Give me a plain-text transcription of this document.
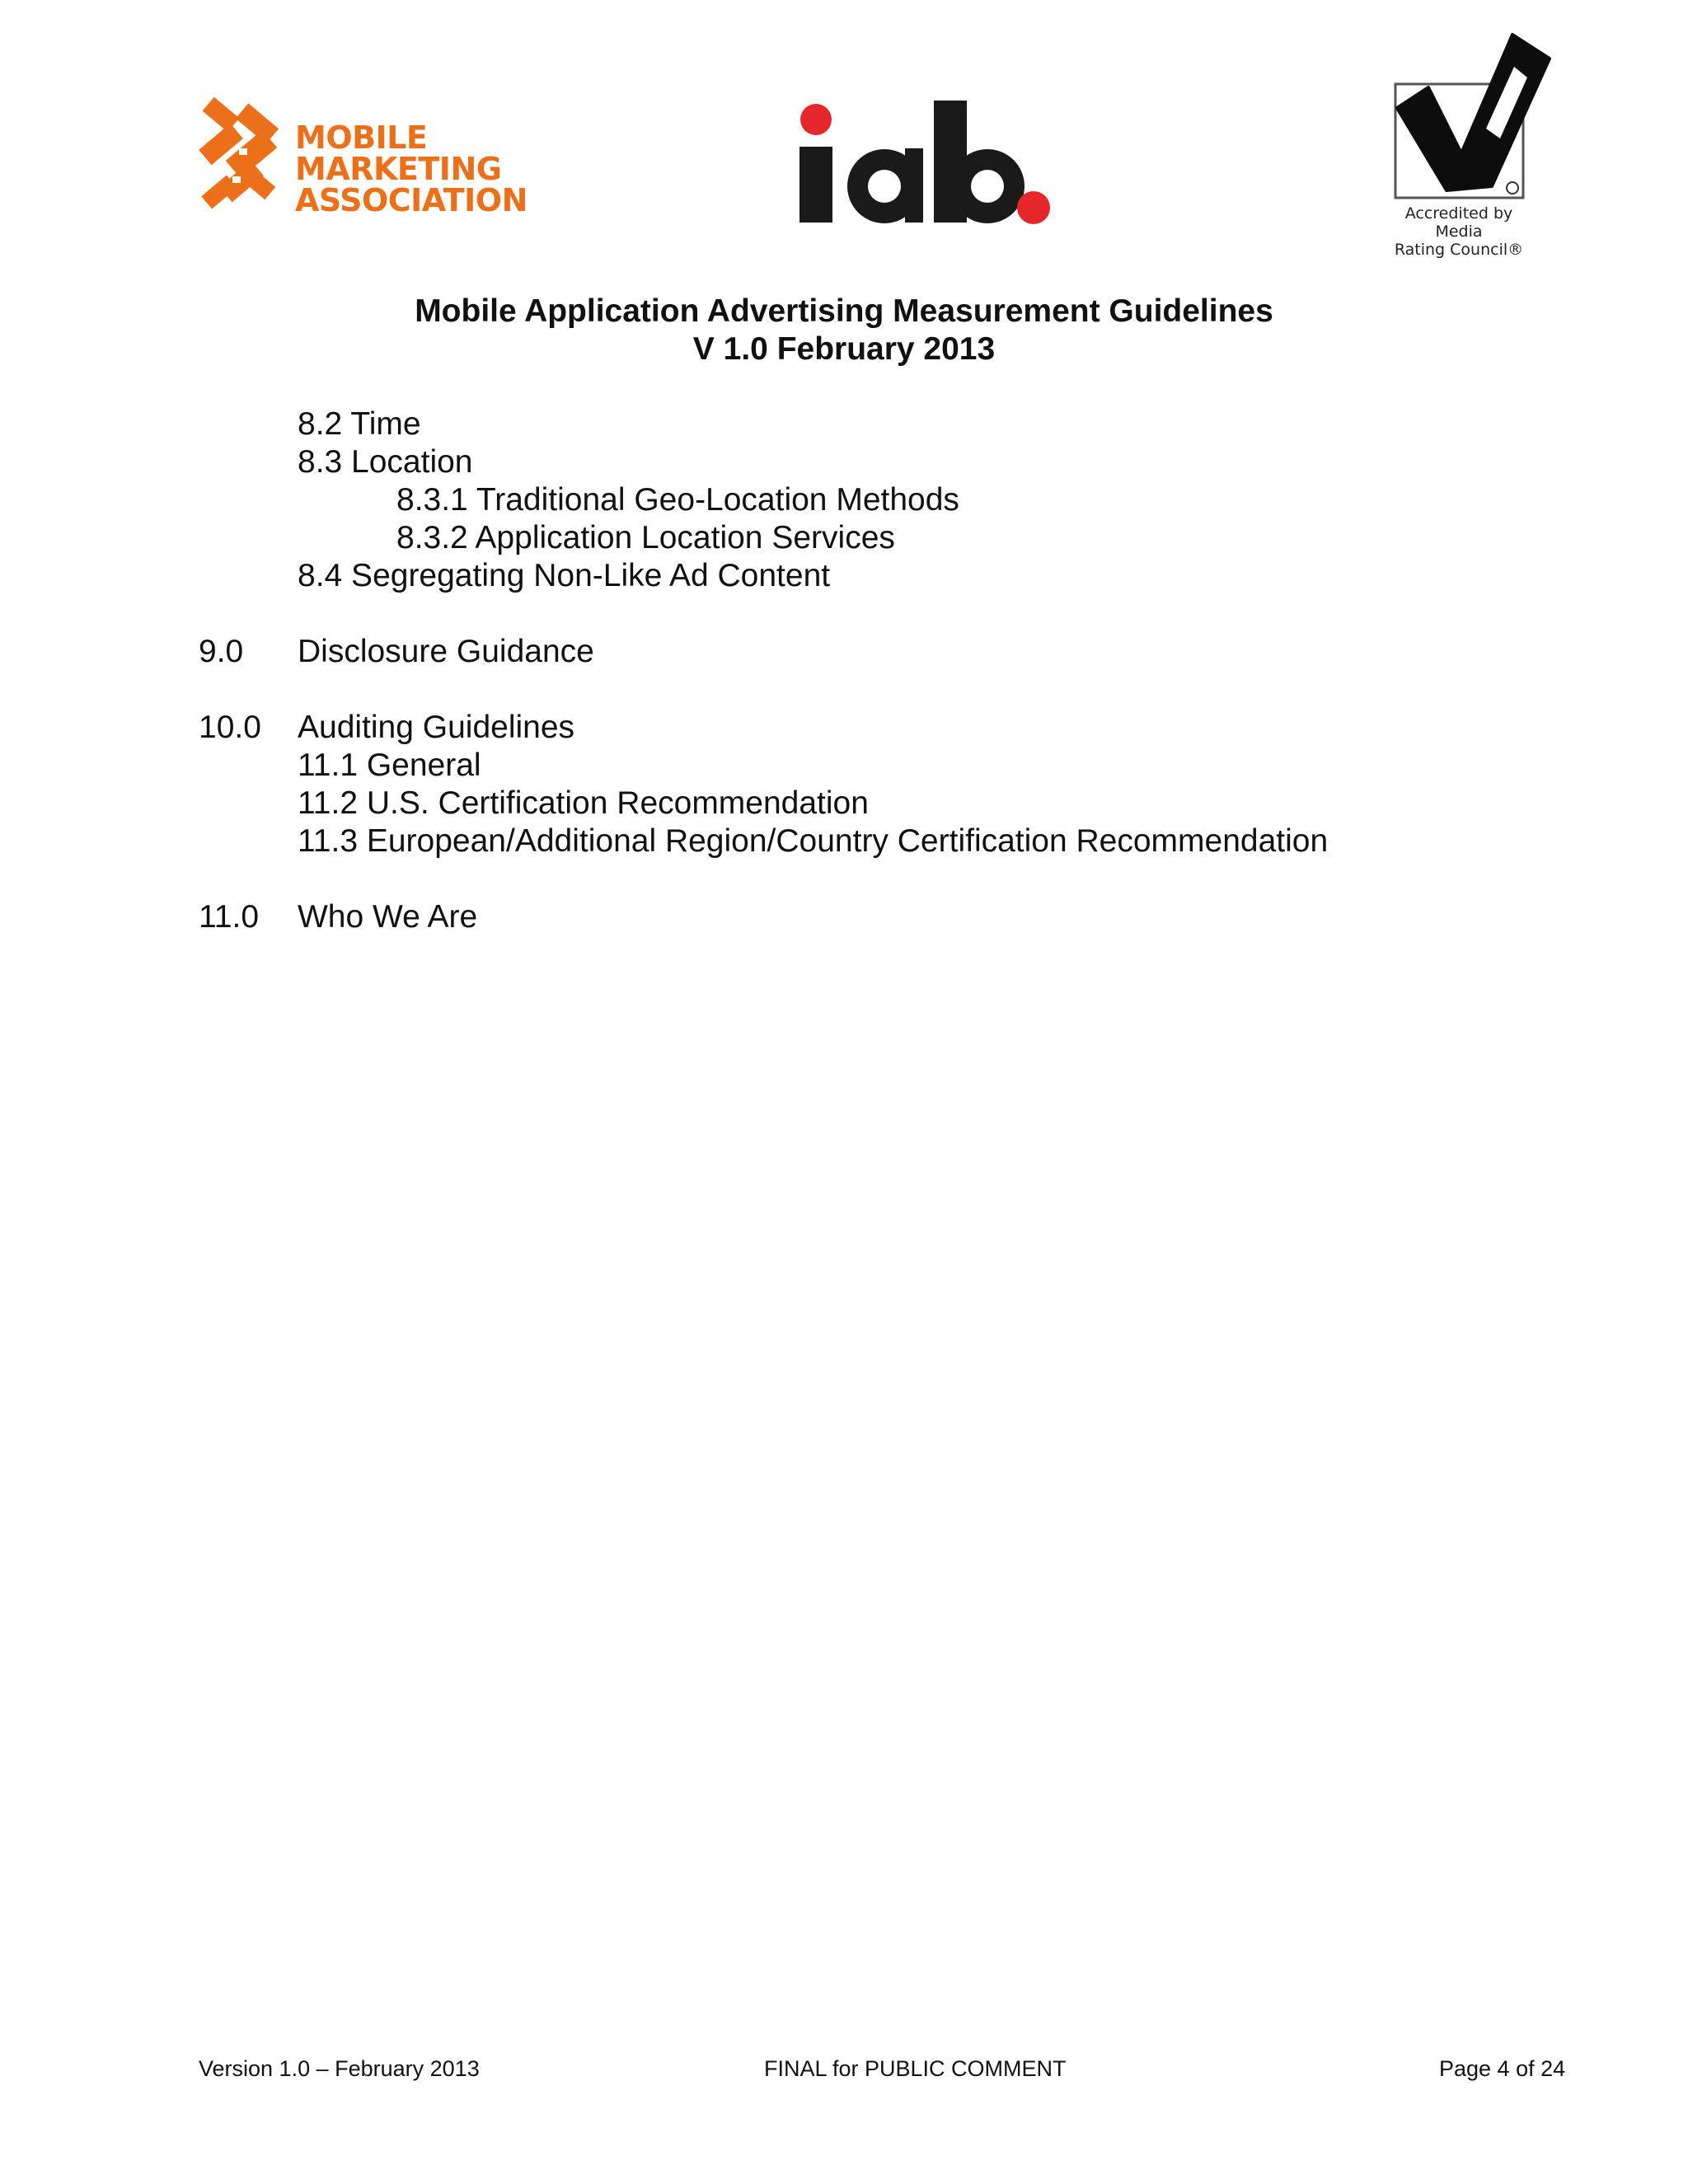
MOBILE
MARKETING
ASSOCIATION	Accredited by
Media
Rating Council®
Mobile Application Advertising Measurement Guidelines
V 1.0 February 2013
8.2 Time
8.3 Location
8.3.1 Traditional Geo-Location Methods
8.3.2 Application Location Services
8.4 Segregating Non-Like Ad Content
9.0 Disclosure Guidance
10.0 Auditing Guidelines
11.1 General
11.2 U.S. Certification Recommendation
11.3 European/Additional Region/Country Certification Recommendation
11.0 Who We Are
Version 1.0 – February 2013	FINAL for PUBLIC COMMENT	Page 4 of 24
